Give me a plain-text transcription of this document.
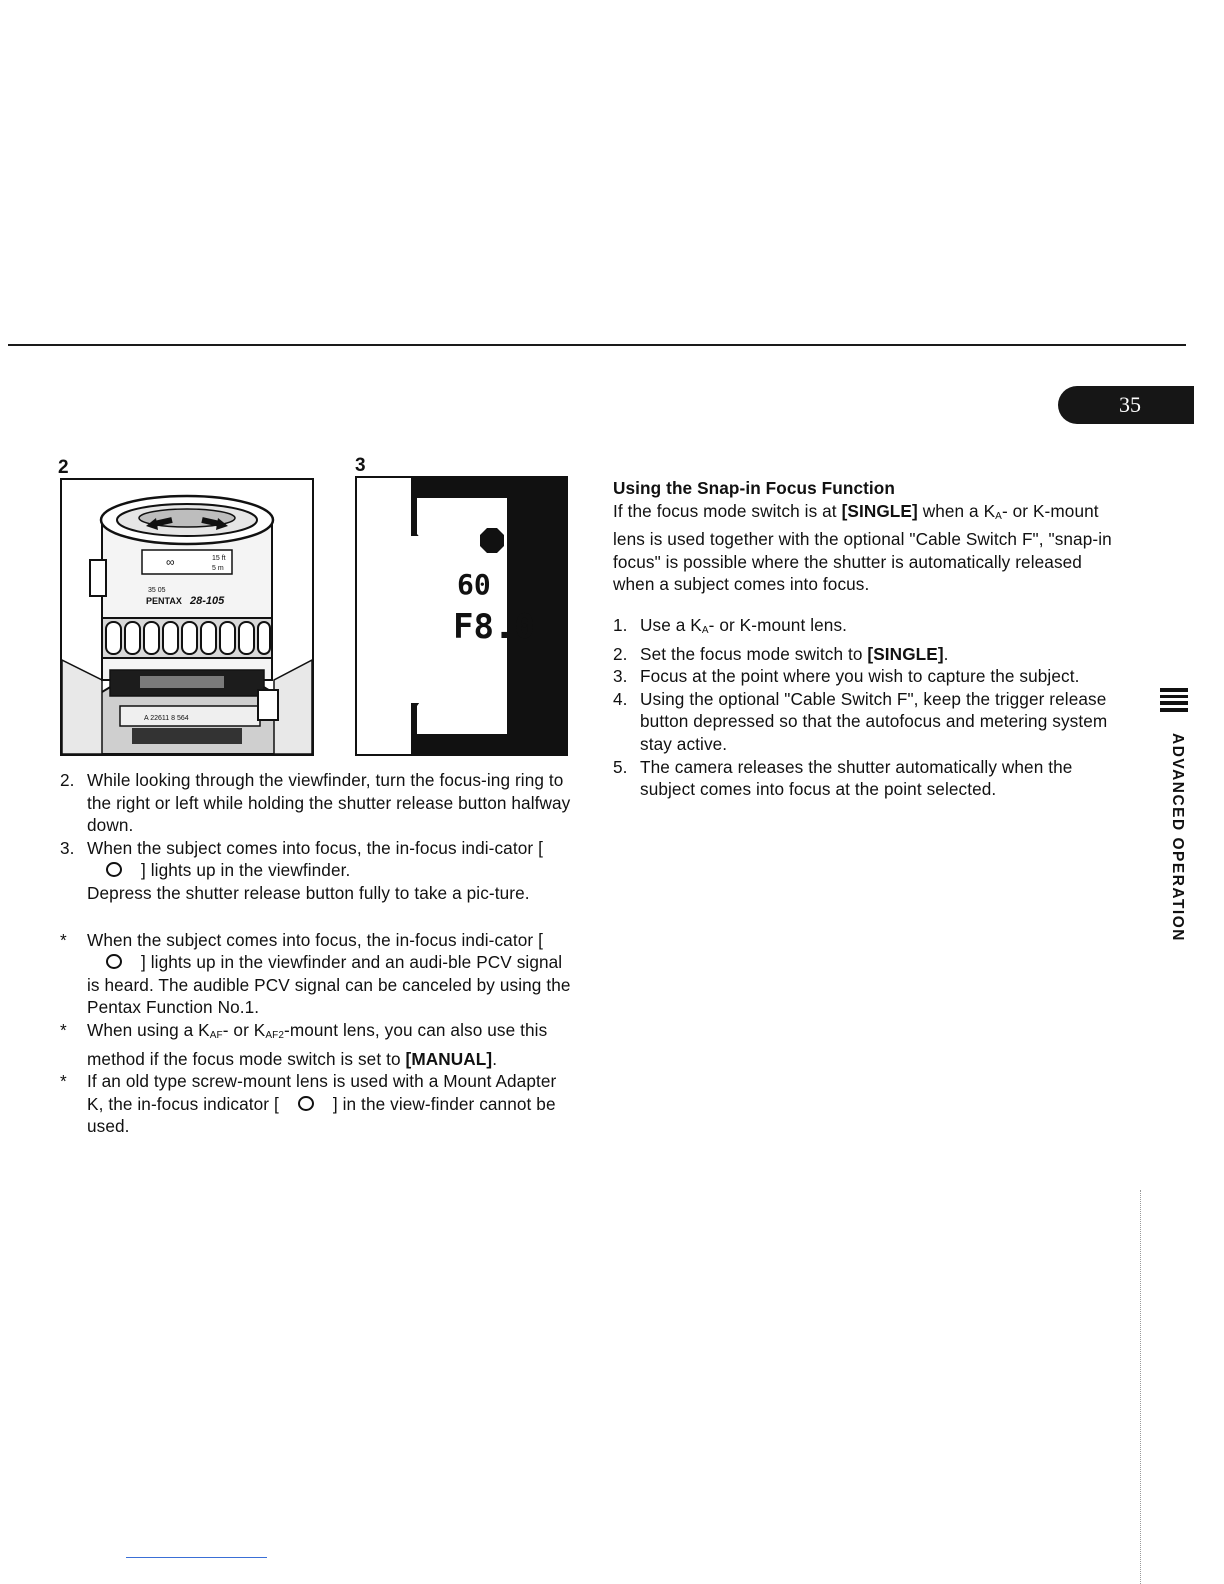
35
2
15 ft
5 m
∞
35 05
PENTAX 28-105
A 22611 8 564
3
60
F8.0
2. While looking through the viewfinder, turn the focus-ing ring to the right or left while holding the shutter release button halfway down.
3. When the subject comes into focus, the in-focus indi-cator [] lights up in the viewfinder.
Depress the shutter release button fully to take a pic-ture.
* When the subject comes into focus, the in-focus indi-cator [] lights up in the viewfinder and an audi-ble PCV signal is heard. The audible PCV signal can be canceled by using the Pentax Function No.1.
* When using a $K_{AF}-$ or $K_{AF2}$-mount lens, you can also use this method if the focus mode switch is set to [MANUAL].
* If an old type screw-mount lens is used with a Mount Adapter K, the in-focus indicator [	] in the view-finder cannot be used.
Using the Snap-in Focus Function
If the focus mode switch is at [SINGLE] when a $K_A-$ or K-mount lens is used together with the optional "Cable Switch F", "snap-in focus" is possible where the shutter is automatically released when a subject comes into focus.
1. Use a $K_A-$ or K-mount lens.
2. Set the focus mode switch to [SINGLE].
3. Focus at the point where you wish to capture the subject.
4. Using the optional "Cable Switch F", keep the trigger release button depressed so that the autofocus and metering system stay active.
5. The camera releases the shutter automatically when the subject comes into focus at the point selected.	ADVANCED OPERATION
